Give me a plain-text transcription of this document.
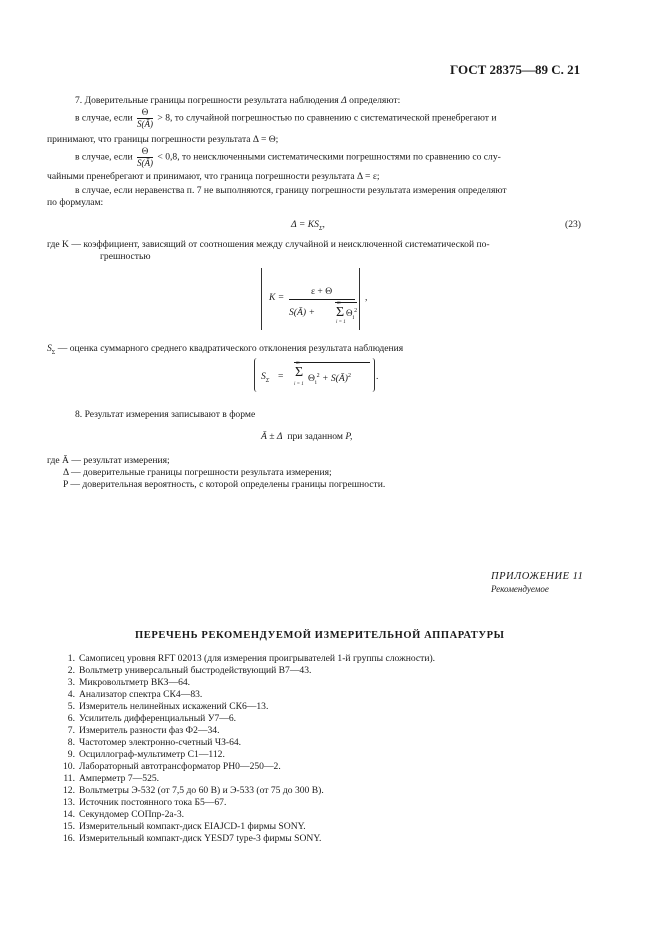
ГОСТ 28375—89 С. 21
7. Доверительные границы погрешности результата наблюдения Δ определяют:
в случае, если $\frac{\Theta}{S(Ā)} > 8$, то случайной погрешностью по сравнению с систематической пренебрегают и
принимают, что границы погрешности результата Δ = Θ;
в случае, если $\frac{\Theta}{S(Ā)} < 0,8$, то неисключенными систематическими погрешностями по сравнению со слу-
чайными пренебрегают и принимают, что граница погрешности результата Δ = ε;
в случае, если неравенства п. 7 не выполняются, границу погрешности результата измерения определяют
по формулам:
$\Delta = KS_\Sigma$,	(23)
где K — коэффициент, зависящий от соотношения между случайной и неисключенной систематической по-
грешностью
K =
ε + Θ
S(Ā) +
m
Σ
i = 1
$\Theta_i^2$
,
$S_\Sigma$ — оценка суммарного среднего квадратического отклонения результата наблюдения
$S_\Sigma$ =
m
Σ
i = 1
$\Theta_i^2$ + S(Ā)$^2$	.
8. Результат измерения записывают в форме
Ā ± Δ при заданном P,
где Ā — результат измерения;
Δ — доверительные границы погрешности результата измерения;
P — доверительная вероятность, с которой определены границы погрешности.
ПРИЛОЖЕНИЕ 11
Рекомендуемое
ПЕРЕЧЕНЬ РЕКОМЕНДУЕМОЙ ИЗМЕРИТЕЛЬНОЙ АППАРАТУРЫ
1. Самописец уровня RFT 02013 (для измерения проигрывателей 1-й группы сложности).
2. Вольтметр универсальный быстродействующий В7—43.
3. Микровольтметр ВКЗ—64.
4. Анализатор спектра СК4—83.
5. Измеритель нелинейных искажений СК6—13.
6. Усилитель дифференциальный У7—6.
7. Измеритель разности фаз Ф2—34.
8. Частотомер электронно-счетный ЧЗ-64.
9. Осциллограф-мультиметр С1—112.
10. Лабораторный автотрансформатор РН0—250—2.
11. Амперметр 7—525.
12. Вольтметры Э-532 (от 7,5 до 60 В) и Э-533 (от 75 до 300 В).
13. Источник постоянного тока Б5—67.
14. Секундомер СОПпр-2а-3.
15. Измерительный компакт-диск EIAJCD-1 фирмы SONY.
16. Измерительный компакт-диск YESD7 type-3 фирмы SONY.
